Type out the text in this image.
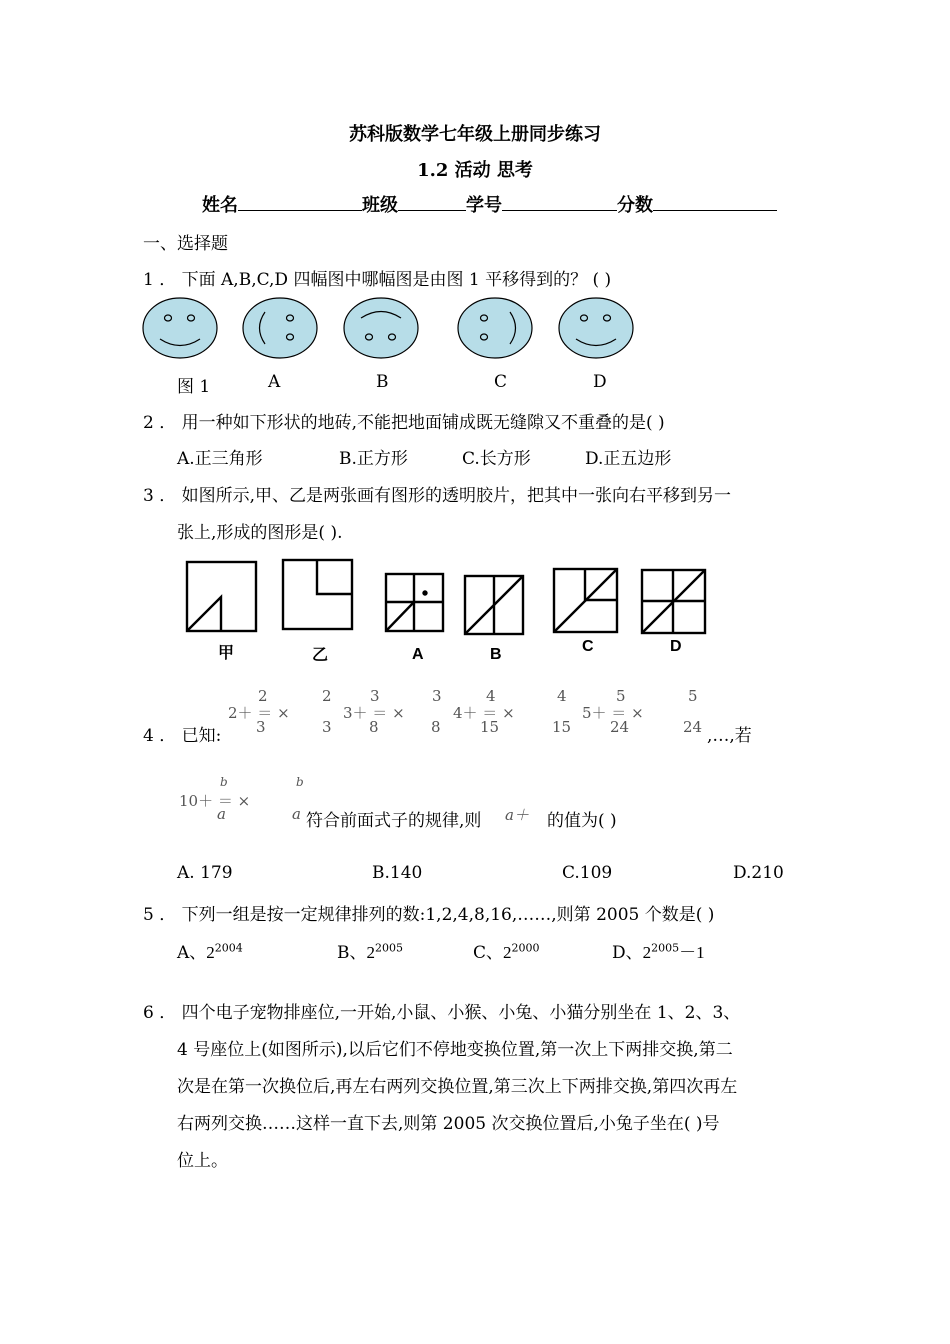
苏科版数学七年级上册同步练习
1.2 活动 思考
姓名	班级	学号	分数
一、选择题
1 ． 下面 A,B,C,D 四幅图中哪幅图是由图 1 平移得到的？ ( )
图 1	A	B	C	D
2 ． 用一种如下形状的地砖,不能把地面铺成既无缝隙又不重叠的是( )
A.正三角形	B.正方形	C.长方形	D.正五边形
3 ． 如图所示,甲、乙是两张画有图形的透明胶片，把其中一张向右平移到另一
张上,形成的图形是( ).
甲	乙	A	B	C	D
4 ． 已知:
2＋ ＝ ×
2
3
2
3
3＋ ＝ ×
3
8
3
8
4＋ ＝ ×
4
15
4
15
5＋ ＝ ×
5
24
5
24 ,…,若
10＋ ＝ ×
b
a
b
a 符合前面式子的规律,则 a＋ 的值为( )
A. 179	B.140	C.109	D.210
5 ． 下列一组是按一定规律排列的数:1,2,4,8,16,……,则第 2005 个数是( )
A、$2^{2004}$	B、$2^{2005}$	C、$2^{2000}$	D、$2^{2005}-1$
6 ． 四个电子宠物排座位,一开始,小鼠、小猴、小兔、小猫分别坐在 1、2、3、
4 号座位上(如图所示),以后它们不停地变换位置,第一次上下两排交换,第二
次是在第一次换位后,再左右两列交换位置,第三次上下两排交换,第四次再左
右两列交换……这样一直下去,则第 2005 次交换位置后,小兔子坐在( )号
位上。
